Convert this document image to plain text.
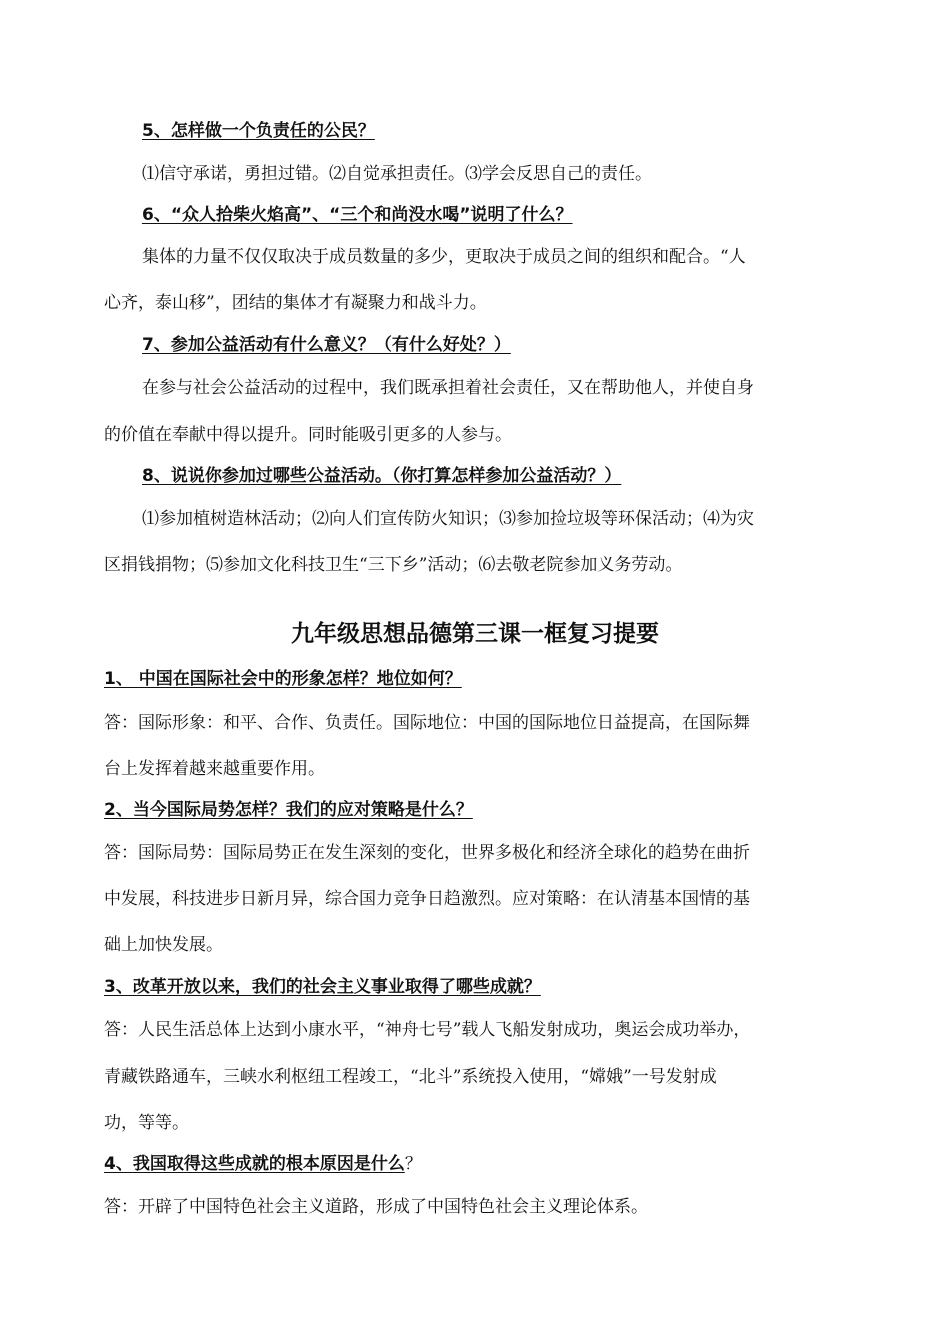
5、怎样做一个负责任的公民？
⑴信守承诺，勇担过错。⑵自觉承担责任。⑶学会反思自己的责任。
6、“众人拾柴火焰高”、“三个和尚没水喝”说明了什么？
集体的力量不仅仅取决于成员数量的多少，更取决于成员之间的组织和配合。“人
心齐，泰山移”，团结的集体才有凝聚力和战斗力。
7、参加公益活动有什么意义？（有什么好处？）
在参与社会公益活动的过程中，我们既承担着社会责任，又在帮助他人，并使自身
的价值在奉献中得以提升。同时能吸引更多的人参与。
8、说说你参加过哪些公益活动。（你打算怎样参加公益活动？）
⑴参加植树造林活动；⑵向人们宣传防火知识；⑶参加捡垃圾等环保活动；⑷为灾
区捐钱捐物；⑸参加文化科技卫生“三下乡”活动；⑹去敬老院参加义务劳动。
九年级思想品德第三课一框复习提要
1、 中国在国际社会中的形象怎样？地位如何？
答：国际形象：和平、合作、负责任。国际地位：中国的国际地位日益提高，在国际舞
台上发挥着越来越重要作用。
2、当今国际局势怎样？我们的应对策略是什么？
答：国际局势：国际局势正在发生深刻的变化，世界多极化和经济全球化的趋势在曲折
中发展，科技进步日新月异，综合国力竞争日趋激烈。应对策略：在认清基本国情的基
础上加快发展。
3、改革开放以来，我们的社会主义事业取得了哪些成就？
答：人民生活总体上达到小康水平，“神舟七号”载人飞船发射成功，奥运会成功举办，
青藏铁路通车，三峡水利枢纽工程竣工，“北斗”系统投入使用，“嫦娥”一号发射成
功，等等。
4、我国取得这些成就的根本原因是什么？
答：开辟了中国特色社会主义道路，形成了中国特色社会主义理论体系。
